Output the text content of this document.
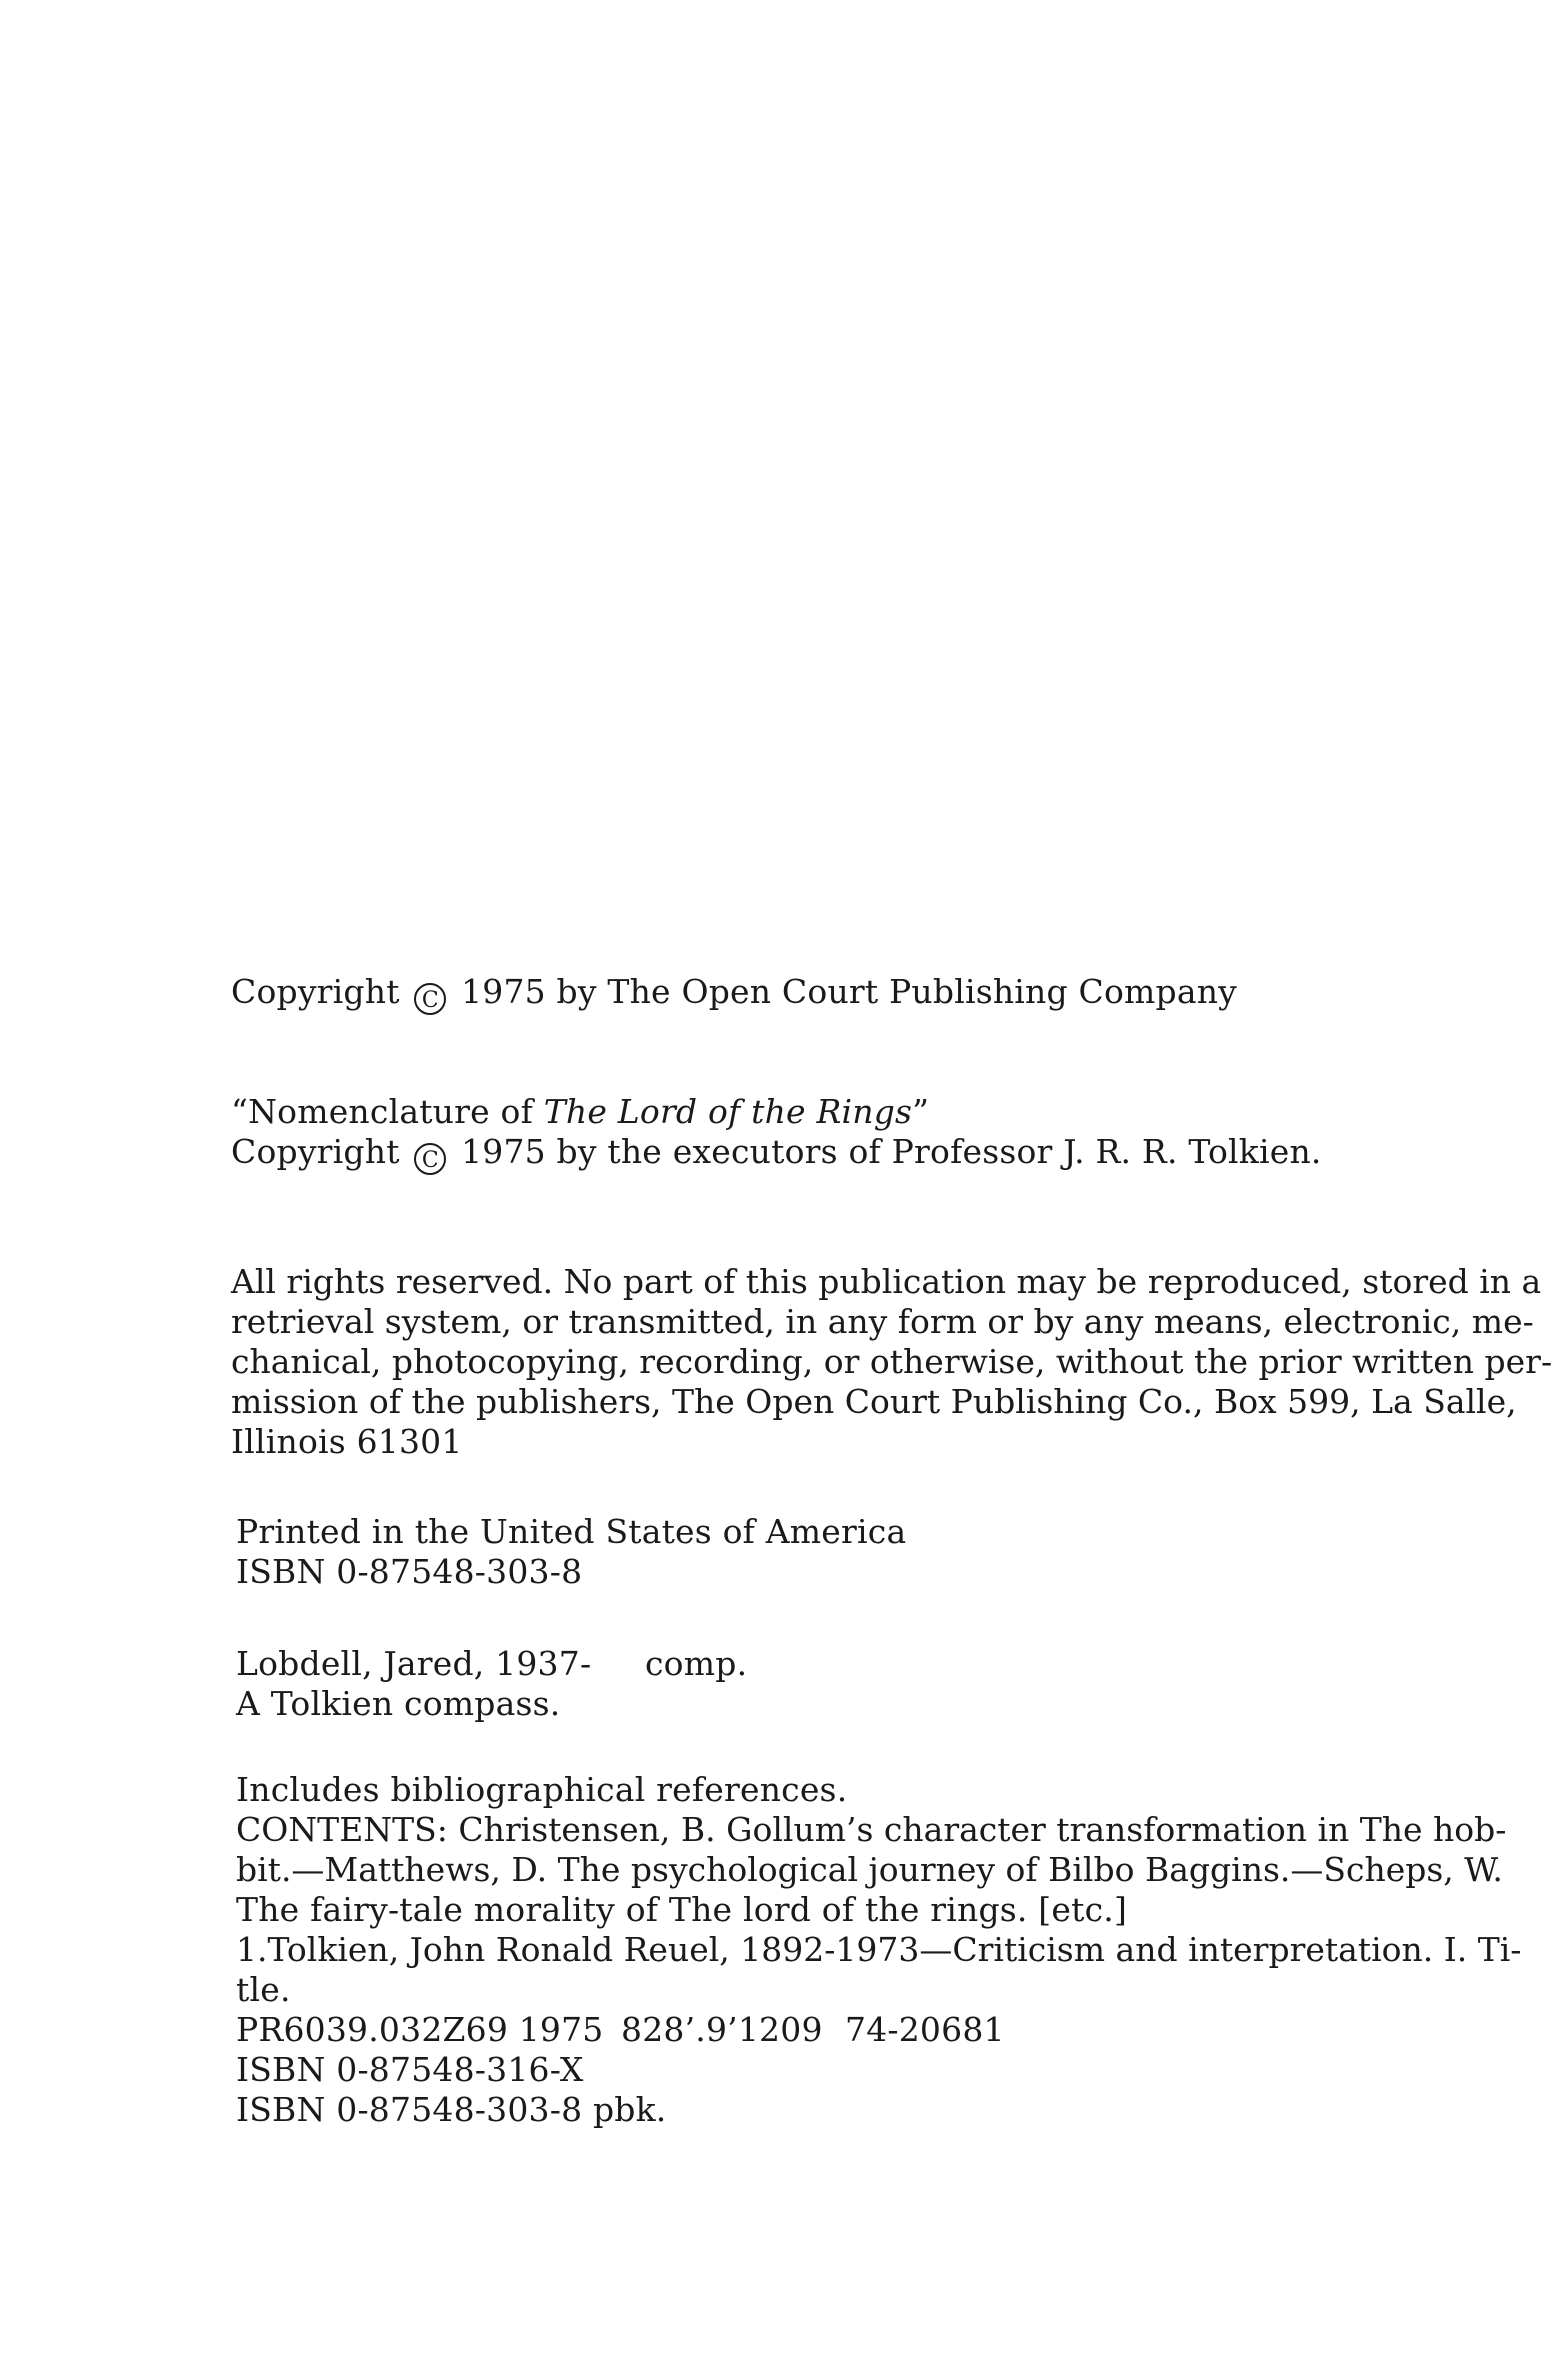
Copyright C 1975 by The Open Court Publishing Company
“Nomenclature of The Lord of the Rings”
Copyright C 1975 by the executors of Professor J. R. R. Tolkien.
All rights reserved. No part of this publication may be reproduced, stored in a
retrieval system, or transmitted, in any form or by any means, electronic, me-
chanical, photocopying, recording, or otherwise, without the prior written per-
mission of the publishers, The Open Court Publishing Co., Box 599, La Salle,
Illinois 61301
Printed in the United States of America
ISBN 0-87548-303-8
Lobdell, Jared, 1937- comp.
A Tolkien compass.
Includes bibliographical references.
CONTENTS: Christensen, B. Gollum’s character transformation in The hob-
bit.—Matthews, D. The psychological journey of Bilbo Baggins.—Scheps, W.
The fairy-tale morality of The lord of the rings. [etc.]
1.Tolkien, John Ronald Reuel, 1892-1973—Criticism and interpretation. I. Ti-
tle.
PR6039.032Z69 1975 828’.9’1209 74-20681
ISBN 0-87548-316-X
ISBN 0-87548-303-8 pbk.
